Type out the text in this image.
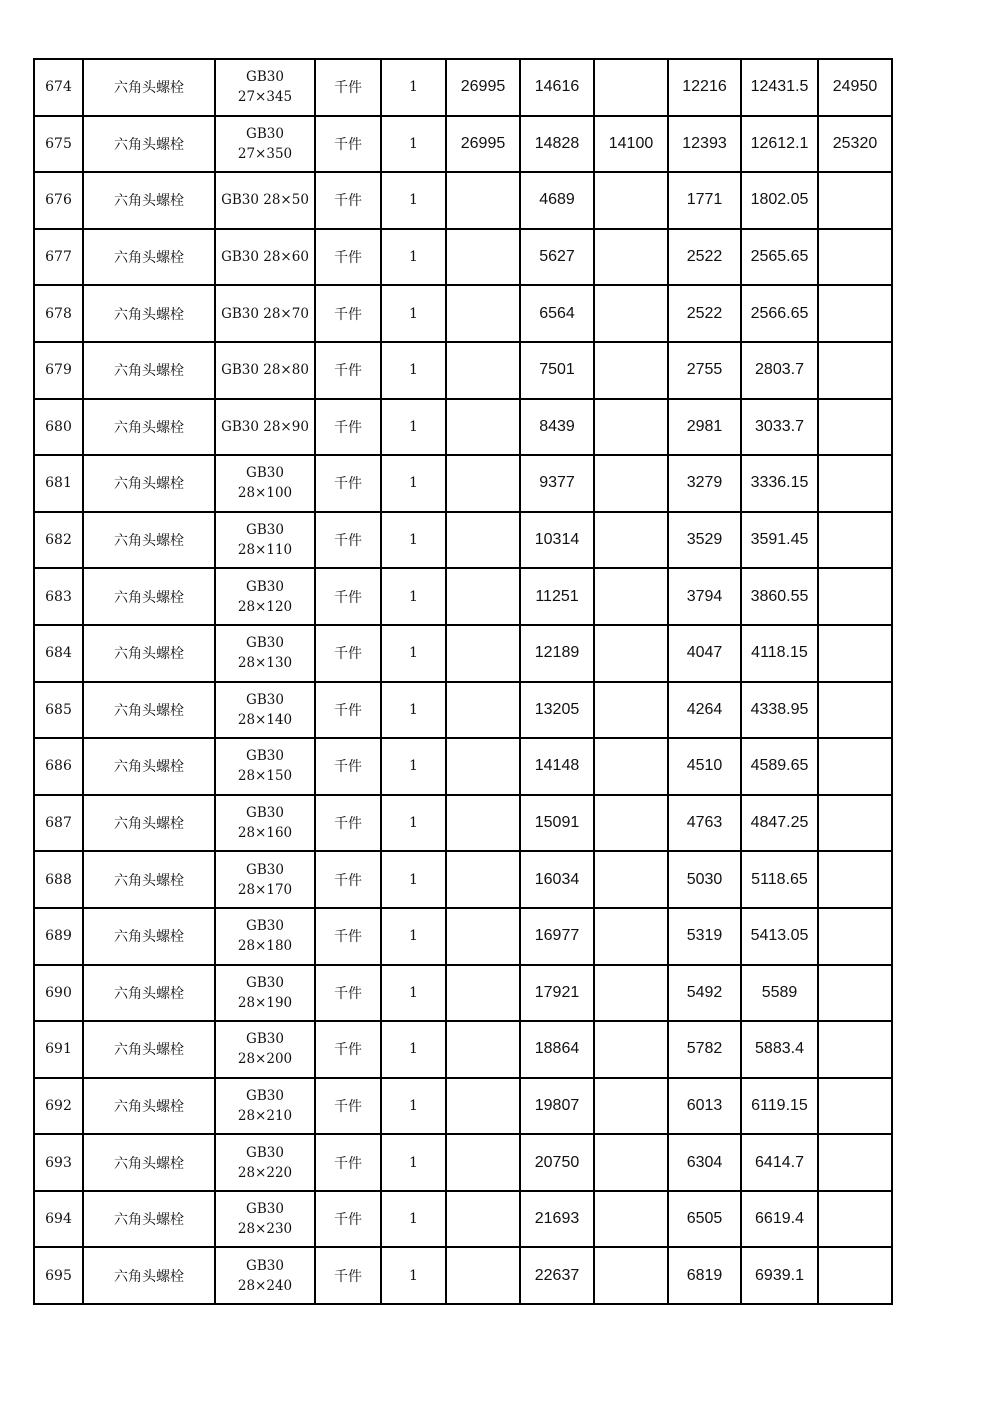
674	六角头螺栓	GB30
27×345	千件	1	26995	14616		12216	12431.5	24950
675	六角头螺栓	GB30
27×350	千件	1	26995	14828	14100	12393	12612.1	25320
676	六角头螺栓	GB30 28×50	千件	1		4689		1771	1802.05	
677	六角头螺栓	GB30 28×60	千件	1		5627		2522	2565.65	
678	六角头螺栓	GB30 28×70	千件	1		6564		2522	2566.65	
679	六角头螺栓	GB30 28×80	千件	1		7501		2755	2803.7	
680	六角头螺栓	GB30 28×90	千件	1		8439		2981	3033.7	
681	六角头螺栓	GB30
28×100	千件	1		9377		3279	3336.15	
682	六角头螺栓	GB30
28×110	千件	1		10314		3529	3591.45	
683	六角头螺栓	GB30
28×120	千件	1		11251		3794	3860.55	
684	六角头螺栓	GB30
28×130	千件	1		12189		4047	4118.15	
685	六角头螺栓	GB30
28×140	千件	1		13205		4264	4338.95	
686	六角头螺栓	GB30
28×150	千件	1		14148		4510	4589.65	
687	六角头螺栓	GB30
28×160	千件	1		15091		4763	4847.25	
688	六角头螺栓	GB30
28×170	千件	1		16034		5030	5118.65	
689	六角头螺栓	GB30
28×180	千件	1		16977		5319	5413.05	
690	六角头螺栓	GB30
28×190	千件	1		17921		5492	5589	
691	六角头螺栓	GB30
28×200	千件	1		18864		5782	5883.4	
692	六角头螺栓	GB30
28×210	千件	1		19807		6013	6119.15	
693	六角头螺栓	GB30
28×220	千件	1		20750		6304	6414.7	
694	六角头螺栓	GB30
28×230	千件	1		21693		6505	6619.4	
695	六角头螺栓	GB30
28×240	千件	1		22637		6819	6939.1	
